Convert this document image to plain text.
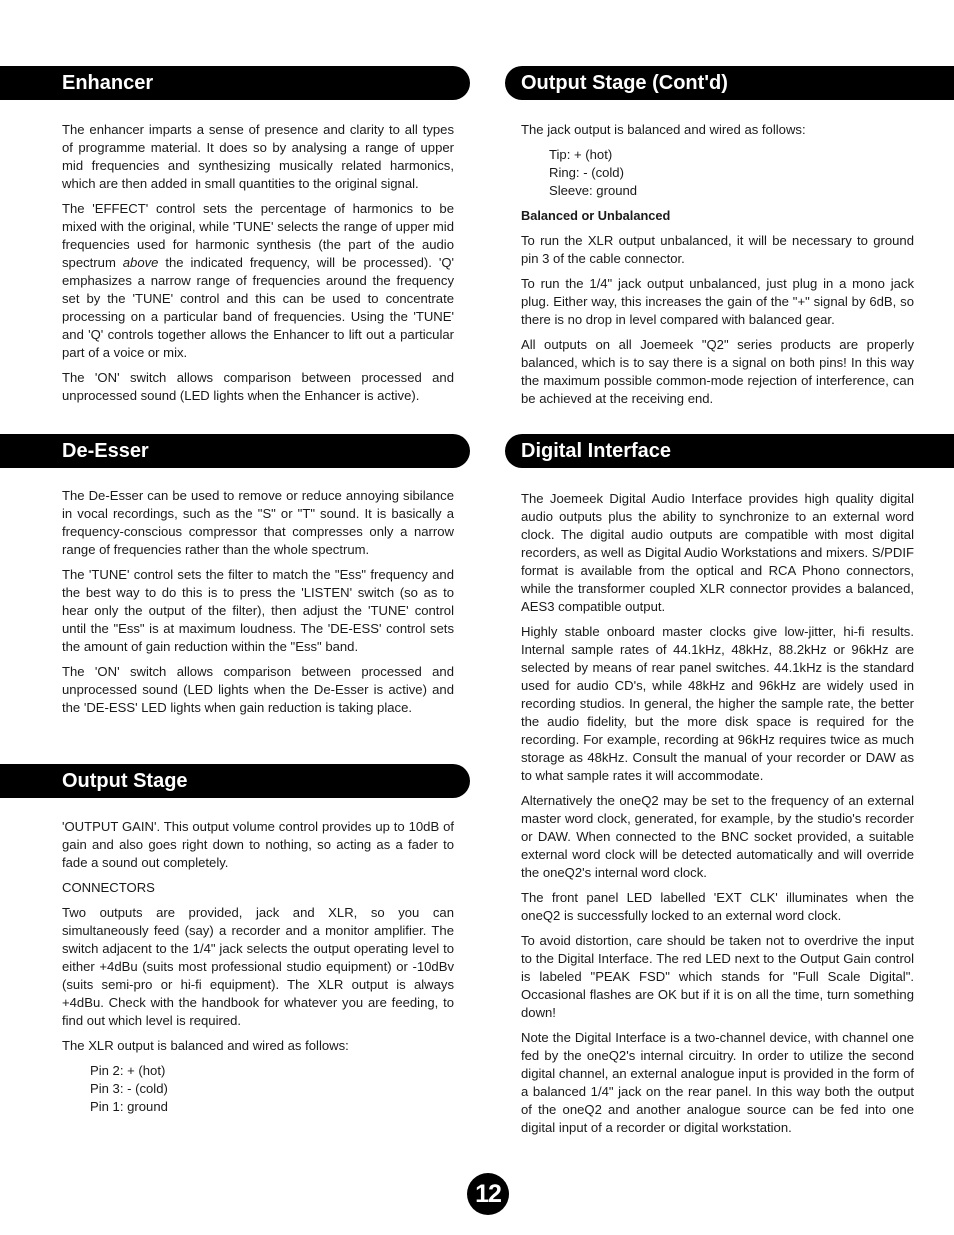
Enhancer	Output Stage (Cont'd)
De-Esser	Digital Interface
Output Stage

The enhancer imparts a sense of presence and clarity to all types of programme material. It does so by analysing a range of upper mid frequencies and synthesizing musically related harmonics, which are then added in small quantities to the original signal.

The 'EFFECT' control sets the percentage of harmonics to be mixed with the original, while 'TUNE' selects the range of upper mid frequencies used for harmonic synthesis (the part of the audio spectrum above the indicated frequency, will be processed). 'Q' emphasizes a narrow range of frequencies around the frequency set by the 'TUNE' control and this can be used to concentrate processing on a particular band of frequencies. Using the 'TUNE' and 'Q' controls together allows the Enhancer to lift out a particular part of a voice or mix.

The 'ON' switch allows comparison between processed and unprocessed sound (LED lights when the Enhancer is active).

The De-Esser can be used to remove or reduce annoying sibilance in vocal recordings, such as the "S" or "T" sound. It is basically a frequency-conscious compressor that compresses only a narrow range of frequencies rather than the whole spectrum.

The 'TUNE' control sets the filter to match the "Ess" frequency and the best way to do this is to press the 'LISTEN' switch (so as to hear only the output of the filter), then adjust the 'TUNE' control until the "Ess" is at maximum loudness. The 'DE-ESS' control sets the amount of gain reduction within the "Ess" band.

The 'ON' switch allows comparison between processed and unprocessed sound (LED lights when the De-Esser is active) and the 'DE-ESS' LED lights when gain reduction is taking place.

'OUTPUT GAIN'. This output volume control provides up to 10dB of gain and also goes right down to nothing, so acting as a fader to fade a sound out completely.

CONNECTORS

Two outputs are provided, jack and XLR, so you can simultaneously feed (say) a recorder and a monitor amplifier. The switch adjacent to the 1/4" jack selects the output operating level to either +4dBu (suits most professional studio equipment) or -10dBv (suits semi-pro or hi-fi equipment). The XLR output is always +4dBu. Check with the handbook for whatever you are feeding, to find out which level is required.

The XLR output is balanced and wired as follows:

Pin 2: + (hot)
Pin 3: - (cold)
Pin 1: ground

The jack output is balanced and wired as follows:

Tip: + (hot)
Ring: - (cold)
Sleeve: ground

Balanced or Unbalanced

To run the XLR output unbalanced, it will be necessary to ground pin 3 of the cable connector.

To run the 1/4" jack output unbalanced, just plug in a mono jack plug. Either way, this increases the gain of the "+" signal by 6dB, so there is no drop in level compared with balanced gear.

All outputs on all Joemeek "Q2" series products are properly balanced, which is to say there is a signal on both pins! In this way the maximum possible common-mode rejection of interference, can be achieved at the receiving end.

The Joemeek Digital Audio Interface provides high quality digital audio outputs plus the ability to synchronize to an external word clock. The digital audio outputs are compatible with most digital recorders, as well as Digital Audio Workstations and mixers. S/PDIF format is available from the optical and RCA Phono connectors, while the transformer coupled XLR connector provides a balanced, AES3 compatible output.

Highly stable onboard master clocks give low-jitter, hi-fi results. Internal sample rates of 44.1kHz, 48kHz, 88.2kHz or 96kHz are selected by means of rear panel switches. 44.1kHz is the standard used for audio CD's, while 48kHz and 96kHz are widely used in recording studios. In general, the higher the sample rate, the better the audio fidelity, but the more disk space is required for the recording. For example, recording at 96kHz requires twice as much storage as 48kHz. Consult the manual of your recorder or DAW as to what sample rates it will accommodate.

Alternatively the oneQ2 may be set to the frequency of an external master word clock, generated, for example, by the studio's recorder or DAW. When connected to the BNC socket provided, a suitable external word clock will be detected automatically and will override the oneQ2's internal word clock.

The front panel LED labelled 'EXT CLK' illuminates when the oneQ2 is successfully locked to an external word clock.

To avoid distortion, care should be taken not to overdrive the input to the Digital Interface. The red LED next to the Output Gain control is labeled "PEAK FSD" which stands for "Full Scale Digital". Occasional flashes are OK but if it is on all the time, turn something down!

Note the Digital Interface is a two-channel device, with channel one fed by the oneQ2's internal circuitry. In order to utilize the second digital channel, an external analogue input is provided in the form of a balanced 1/4" jack on the rear panel. In this way both the output of the oneQ2 and another analogue source can be fed into one digital input of a recorder or digital workstation.

12
